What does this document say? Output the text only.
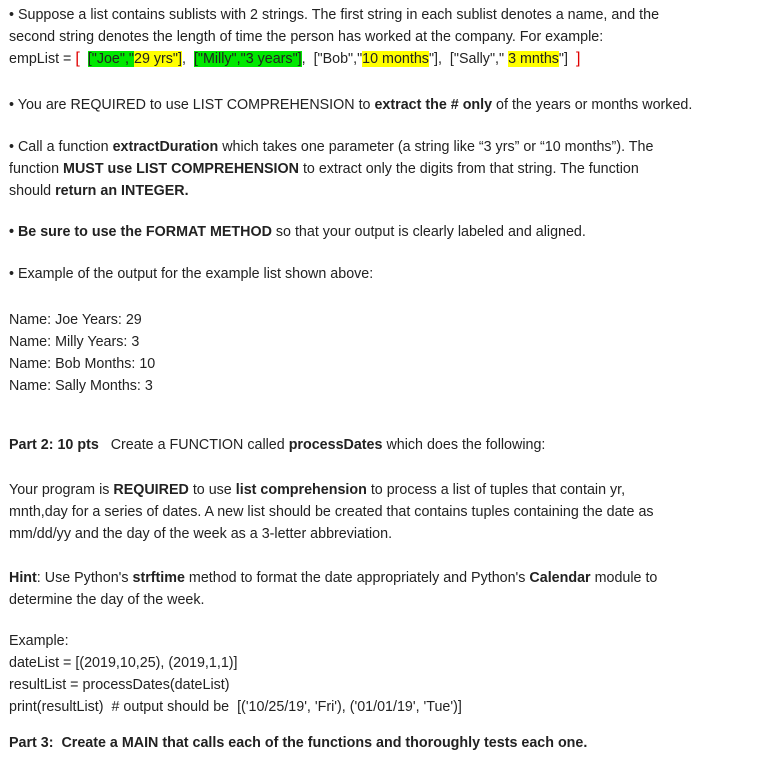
• Suppose a list contains sublists with 2 strings. The first string in each sublist denotes a name, and the
second string denotes the length of time the person has worked at the company. For example:
empList = [ ["Joe","29 yrs"], ["Milly","3 years"], ["Bob","10 months"], ["Sally"," 3 mnths"] ]
• You are REQUIRED to use LIST COMPREHENSION to extract the # only of the years or months worked.
• Call a function extractDuration which takes one parameter (a string like “3 yrs” or “10 months”). The
function MUST use LIST COMPREHENSION to extract only the digits from that string. The function
should return an INTEGER.
• Be sure to use the FORMAT METHOD so that your output is clearly labeled and aligned.
• Example of the output for the example list shown above:
Name: Joe Years: 29
Name: Milly Years: 3
Name: Bob Months: 10
Name: Sally Months: 3
Part 2: 10 pts   Create a FUNCTION called processDates which does the following:
Your program is REQUIRED to use list comprehension to process a list of tuples that contain yr,
mnth,day for a series of dates. A new list should be created that contains tuples containing the date as
mm/dd/yy and the day of the week as a 3-letter abbreviation.
Hint: Use Python's strftime method to format the date appropriately and Python's Calendar module to
determine the day of the week.
Example:
dateList = [(2019,10,25), (2019,1,1)]
resultList = processDates(dateList)
print(resultList)  # output should be  [('10/25/19', 'Fri'), ('01/01/19', 'Tue')]
Part 3:  Create a MAIN that calls each of the functions and thoroughly tests each one.
